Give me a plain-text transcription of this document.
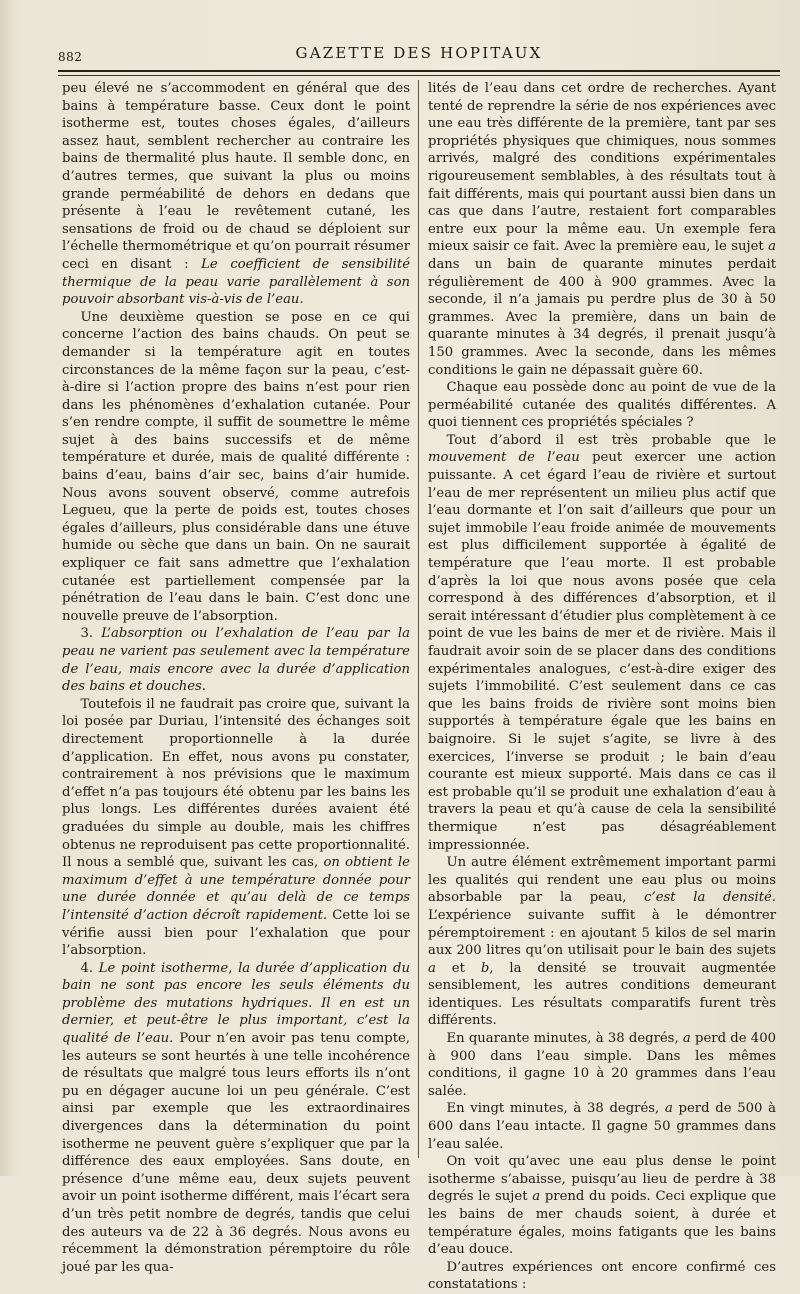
882	GAZETTE DES HOPITAUX

peu élevé ne s’accommodent en général que des bains à température basse. Ceux dont le point isotherme est, toutes choses égales, d’ailleurs assez haut, semblent rechercher au contraire les bains de thermalité plus haute. Il semble donc, en d’autres termes, que suivant la plus ou moins grande perméabilité de dehors en dedans que présente à l’eau le revêtement cutané, les sensations de froid ou de chaud se déploient sur l’échelle thermométrique et qu’on pourrait résumer ceci en disant : Le coefficient de sensibilité thermique de la peau varie parallèlement à son pouvoir absorbant vis-à-vis de l’eau.

Une deuxième question se pose en ce qui concerne l’action des bains chauds. On peut se demander si la température agit en toutes circonstances de la même façon sur la peau, c’est-à-dire si l’action propre des bains n’est pour rien dans les phénomènes d’exhalation cutanée. Pour s’en rendre compte, il suffit de soumettre le même sujet à des bains successifs et de même température et durée, mais de qualité différente : bains d’eau, bains d’air sec, bains d’air humide. Nous avons souvent observé, comme autrefois Legueu, que la perte de poids est, toutes choses égales d’ailleurs, plus considérable dans une étuve humide ou sèche que dans un bain. On ne saurait expliquer ce fait sans admettre que l’exhalation cutanée est partiellement compensée par la pénétration de l’eau dans le bain. C’est donc une nouvelle preuve de l’absorption.

3. L’absorption ou l’exhalation de l’eau par la peau ne varient pas seulement avec la température de l’eau, mais encore avec la durée d’application des bains et douches.

Toutefois il ne faudrait pas croire que, suivant la loi posée par Duriau, l’intensité des échanges soit directement proportionnelle à la durée d’application. En effet, nous avons pu constater, contrairement à nos prévisions que le maximum d’effet n’a pas toujours été obtenu par les bains les plus longs. Les différentes durées avaient été graduées du simple au double, mais les chiffres obtenus ne reproduisent pas cette proportionnalité. Il nous a semblé que, suivant les cas, on obtient le maximum d’effet à une température donnée pour une durée donnée et qu’au delà de ce temps l’intensité d’action décroît rapidement. Cette loi se vérifie aussi bien pour l’exhalation que pour l’absorption.

4. Le point isotherme, la durée d’application du bain ne sont pas encore les seuls éléments du problème des mutations hydriques. Il en est un dernier, et peut-être le plus important, c’est la qualité de l’eau. Pour n’en avoir pas tenu compte, les auteurs se sont heurtés à une telle incohérence de résultats que malgré tous leurs efforts ils n’ont pu en dégager aucune loi un peu générale. C’est ainsi par exemple que les extraordinaires divergences dans la détermination du point isotherme ne peuvent guère s’expliquer que par la différence des eaux employées. Sans doute, en présence d’une même eau, deux sujets peuvent avoir un point isotherme différent, mais l’écart sera d’un très petit nombre de degrés, tandis que celui des auteurs va de 22 à 36 degrés. Nous avons eu récemment la démonstration péremptoire du rôle joué par les qua-

lités de l’eau dans cet ordre de recherches. Ayant tenté de reprendre la série de nos expériences avec une eau très différente de la première, tant par ses propriétés physiques que chimiques, nous sommes arrivés, malgré des conditions expérimentales rigoureusement semblables, à des résultats tout à fait différents, mais qui pourtant aussi bien dans un cas que dans l’autre, restaient fort comparables entre eux pour la même eau. Un exemple fera mieux saisir ce fait. Avec la première eau, le sujet a dans un bain de quarante minutes perdait régulièrement de 400 à 900 grammes. Avec la seconde, il n’a jamais pu perdre plus de 30 à 50 grammes. Avec la première, dans un bain de quarante minutes à 34 degrés, il prenait jusqu’à 150 grammes. Avec la seconde, dans les mêmes conditions le gain ne dépassait guère 60.

Chaque eau possède donc au point de vue de la perméabilité cutanée des qualités différentes. A quoi tiennent ces propriétés spéciales ?

Tout d’abord il est très probable que le mouvement de l’eau peut exercer une action puissante. A cet égard l’eau de rivière et surtout l’eau de mer représentent un milieu plus actif que l’eau dormante et l’on sait d’ailleurs que pour un sujet immobile l’eau froide animée de mouvements est plus difficilement supportée à égalité de température que l’eau morte. Il est probable d’après la loi que nous avons posée que cela correspond à des différences d’absorption, et il serait intéressant d’étudier plus complètement à ce point de vue les bains de mer et de rivière. Mais il faudrait avoir soin de se placer dans des conditions expérimentales analogues, c’est-à-dire exiger des sujets l’immobilité. C’est seulement dans ce cas que les bains froids de rivière sont moins bien supportés à température égale que les bains en baignoire. Si le sujet s’agite, se livre à des exercices, l’inverse se produit ; le bain d’eau courante est mieux supporté. Mais dans ce cas il est probable qu’il se produit une exhalation d’eau à travers la peau et qu’à cause de cela la sensibilité thermique n’est pas désagréablement impressionnée.

Un autre élément extrêmement important parmi les qualités qui rendent une eau plus ou moins absorbable par la peau, c’est la densité. L’expérience suivante suffit à le démontrer péremptoirement : en ajoutant 5 kilos de sel marin aux 200 litres qu’on utilisait pour le bain des sujets a et b, la densité se trouvait augmentée sensiblement, les autres conditions demeurant identiques. Les résultats comparatifs furent très différents.

En quarante minutes, à 38 degrés, a perd de 400 à 900 dans l’eau simple. Dans les mêmes conditions, il gagne 10 à 20 grammes dans l’eau salée.

En vingt minutes, à 38 degrés, a perd de 500 à 600 dans l’eau intacte. Il gagne 50 grammes dans l’eau salée.

On voit qu’avec une eau plus dense le point isotherme s’abaisse, puisqu’au lieu de perdre à 38 degrés le sujet a prend du poids. Ceci explique que les bains de mer chauds soient, à durée et température égales, moins fatigants que les bains d’eau douce.

D’autres expériences ont encore confirmé ces constatations :
